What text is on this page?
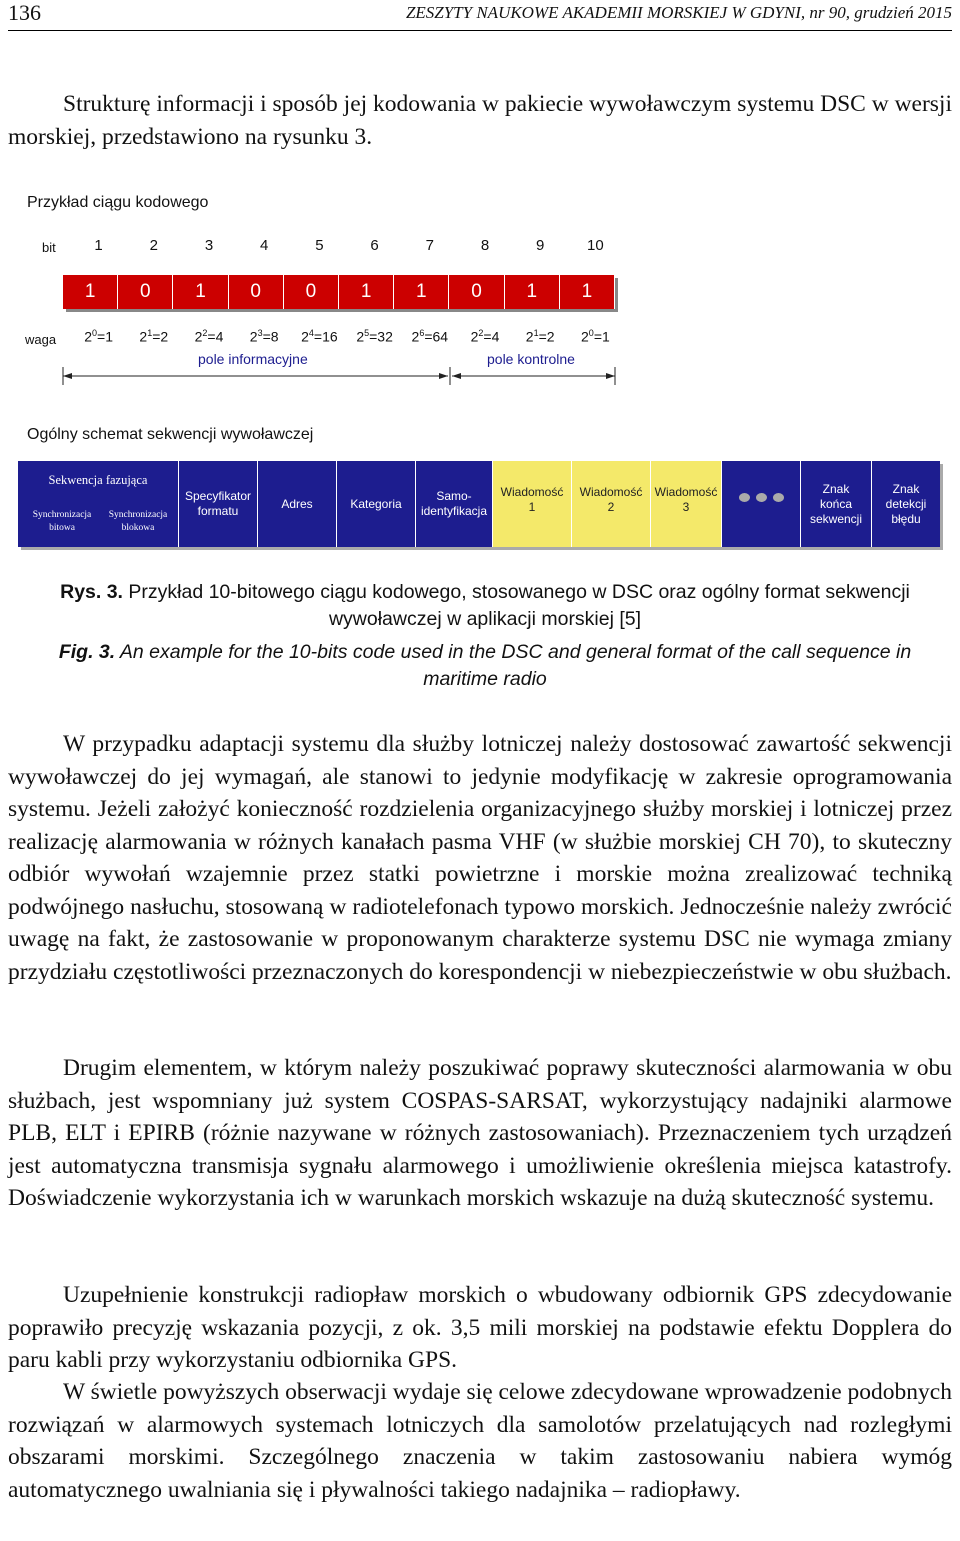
136	ZESZYTY NAUKOWE AKADEMII MORSKIEJ W GDYNI, nr 90, grudzień 2015

Strukturę informacji i sposób jej kodowania w pakiecie wywoławczym systemu DSC w wersji morskiej, przedstawiono na rysunku 3.

Przykład ciągu kodowego
bit	1	2	3	4	5	6	7	8	9	10
1	0	1	0	0	1	1	0	1	1
waga	$2^0=1$	$2^1=2$	$2^2=4$	$2^3=8$	$2^4=16$	$2^5=32$	$2^6=64$	$2^2=4$	$2^1=2$	$2^0=1$
pole informacyjne	pole kontrolne
Ogólny schemat sekwencji wywoławczej
Sekwencja fazująca
Synchronizacja bitowa
Synchronizacja blokowa
Specyfikator formatu
Adres	Kategoria
Samo-identyfikacja
Wiadomość 1
Wiadomość 2
Wiadomość 3
Znak końca sekwencji
Znak detekcji błędu
Rys. 3. Przykład 10-bitowego ciągu kodowego, stosowanego w DSC oraz ogólny format sekwencji wywoławczej w aplikacji morskiej [5]
Fig. 3. An example for the 10-bits code used in the DSC and general format of the call sequence in maritime radio

W przypadku adaptacji systemu dla służby lotniczej należy dostosować zawartość sekwencji wywoławczej do jej wymagań, ale stanowi to jedynie modyfikację w zakresie oprogramowania systemu. Jeżeli założyć konieczność rozdzielenia organizacyjnego służby morskiej i lotniczej przez realizację alarmowania w różnych kanałach pasma VHF (w służbie morskiej CH 70), to skuteczny odbiór wywołań wzajemnie przez statki powietrzne i morskie można zrealizować techniką podwójnego nasłuchu, stosowaną w radiotelefonach typowo morskich. Jednocześnie należy zwrócić uwagę na fakt, że zastosowanie w proponowanym charakterze systemu DSC nie wymaga zmiany przydziału częstotliwości przeznaczonych do korespondencji w niebezpieczeństwie w obu służbach.

Drugim elementem, w którym należy poszukiwać poprawy skuteczności alarmowania w obu służbach, jest wspomniany już system COSPAS-SARSAT, wykorzystujący nadajniki alarmowe PLB, ELT i EPIRB (różnie nazywane w różnych zastosowaniach). Przeznaczeniem tych urządzeń jest automatyczna transmisja sygnału alarmowego i umożliwienie określenia miejsca katastrofy. Doświadczenie wykorzystania ich w warunkach morskich wskazuje na dużą skuteczność systemu.

Uzupełnienie konstrukcji radiopław morskich o wbudowany odbiornik GPS zdecydowanie poprawiło precyzję wskazania pozycji, z ok. 3,5 mili morskiej na podstawie efektu Dopplera do paru kabli przy wykorzystaniu odbiornika GPS.

W świetle powyższych obserwacji wydaje się celowe zdecydowane wprowadzenie podobnych rozwiązań w alarmowych systemach lotniczych dla samolotów przelatujących nad rozległymi obszarami morskimi. Szczególnego znaczenia w takim zastosowaniu nabiera wymóg automatycznego uwalniania się i pływalności takiego nadajnika – radiopławy.
